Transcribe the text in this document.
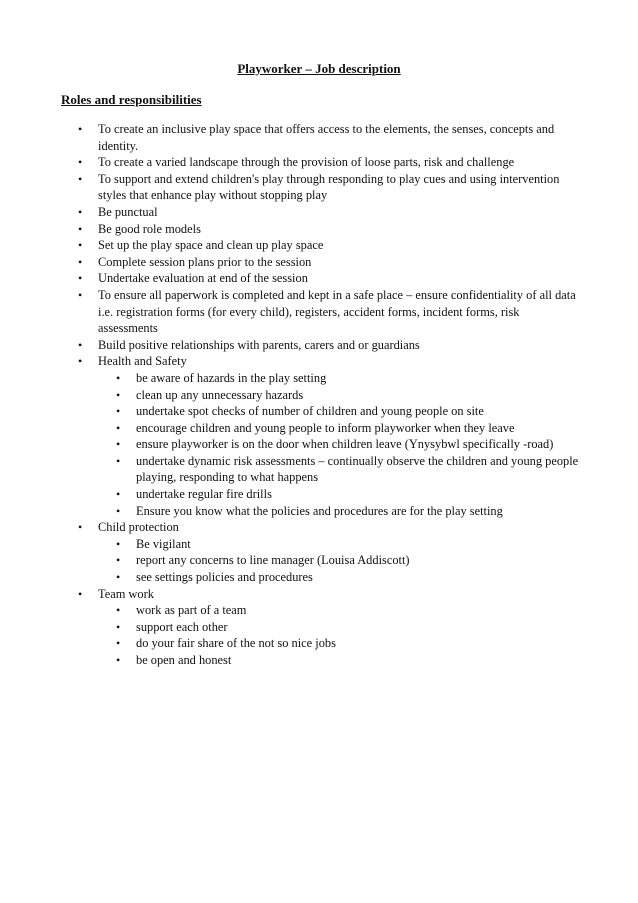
Playworker – Job description
Roles and responsibilities
• To create an inclusive play space that offers access to the elements, the senses, concepts and identity.
• To create a varied landscape through the provision of loose parts, risk and challenge
• To support and extend children's play through responding to play cues and using intervention styles that enhance play without stopping play
• Be punctual
• Be good role models
• Set up the play space and clean up play space
• Complete session plans prior to the session
• Undertake evaluation at end of the session
• To ensure all paperwork is completed and kept in a safe place – ensure confidentiality of all data i.e. registration forms (for every child), registers, accident forms, incident forms, risk assessments
• Build positive relationships with parents, carers and or guardians
• Health and Safety
• be aware of hazards in the play setting
• clean up any unnecessary hazards
• undertake spot checks of number of children and young people on site
• encourage children and young people to inform playworker when they leave
• ensure playworker is on the door when children leave (Ynysybwl specifically -road)
• undertake dynamic risk assessments – continually observe the children and young people playing, responding to what happens
• undertake regular fire drills
• Ensure you know what the policies and procedures are for the play setting
• Child protection
• Be vigilant
• report any concerns to line manager (Louisa Addiscott)
• see settings policies and procedures
• Team work
• work as part of a team
• support each other
• do your fair share of the not so nice jobs
• be open and honest
